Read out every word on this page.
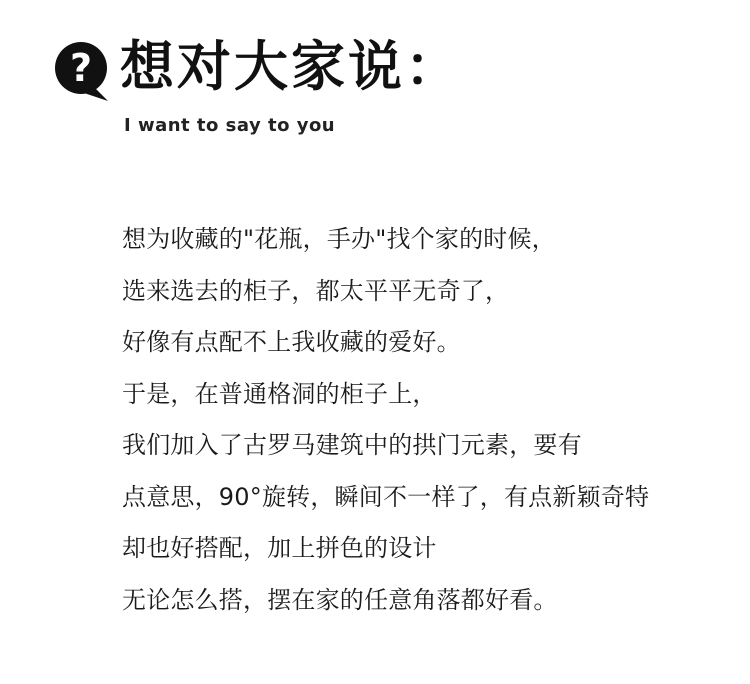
? 想对大家说：
I want to say to you
想为收藏的"花瓶，手办"找个家的时候，
选来选去的柜子，都太平平无奇了，
好像有点配不上我收藏的爱好。
于是，在普通格洞的柜子上，
我们加入了古罗马建筑中的拱门元素，要有
点意思，90°旋转，瞬间不一样了，有点新颖奇特
却也好搭配，加上拼色的设计
无论怎么搭，摆在家的任意角落都好看。
